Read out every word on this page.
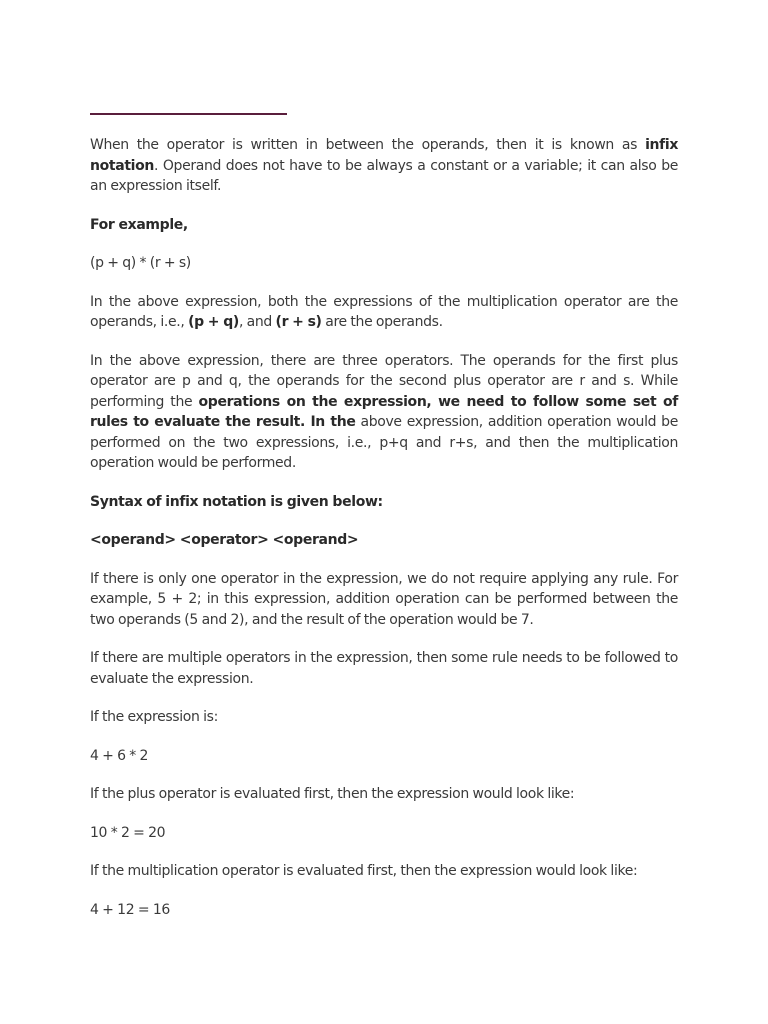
When the operator is written in between the operands, then it is known as infix notation. Operand does not have to be always a constant or a variable; it can also be an expression itself.

For example,

(p + q) * (r + s)

In the above expression, both the expressions of the multiplication operator are the operands, i.e., (p + q), and (r + s) are the operands.

In the above expression, there are three operators. The operands for the first plus operator are p and q, the operands for the second plus operator are r and s. While performing the operations on the expression, we need to follow some set of rules to evaluate the result. In the above expression, addition operation would be performed on the two expressions, i.e., p+q and r+s, and then the multiplication operation would be performed.

Syntax of infix notation is given below:

<operand> <operator> <operand>

If there is only one operator in the expression, we do not require applying any rule. For example, 5 + 2; in this expression, addition operation can be performed between the two operands (5 and 2), and the result of the operation would be 7.

If there are multiple operators in the expression, then some rule needs to be followed to evaluate the expression.

If the expression is:

4 + 6 * 2

If the plus operator is evaluated first, then the expression would look like:

10 * 2 = 20

If the multiplication operator is evaluated first, then the expression would look like:

4 + 12 = 16
